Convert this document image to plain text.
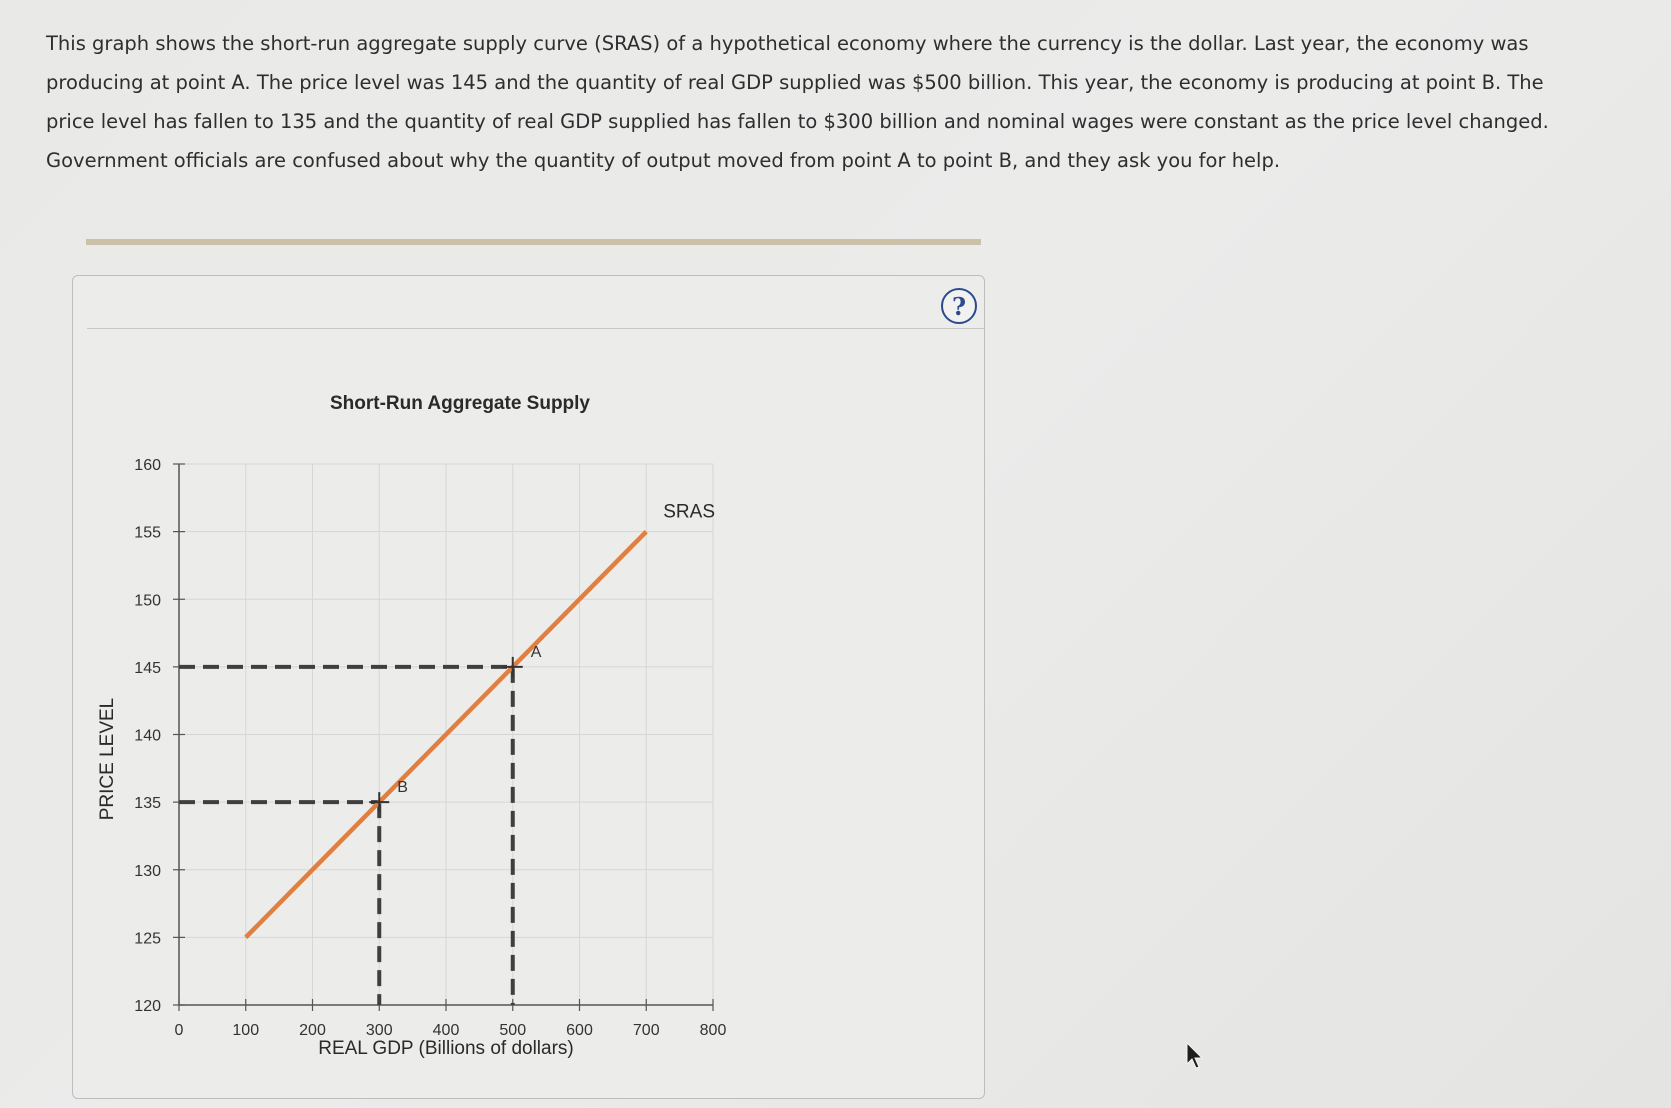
This graph shows the short-run aggregate supply curve (SRAS) of a hypothetical economy where the currency is the dollar. Last year, the economy was producing at point A. The price level was 145 and the quantity of real GDP supplied was $500 billion. This year, the economy is producing at point B. The price level has fallen to 135 and the quantity of real GDP supplied has fallen to $300 billion and nominal wages were constant as the price level changed. Government officials are confused about why the quantity of output moved from point A to point B, and they ask you for help.

?
Short-Run Aggregate Supply
120
125
130
135
140
145
150
155
160
0	100	200	300	400	500	600	700	800
SRAS
A
B
REAL GDP (Billions of dollars)
PRICE LEVEL
